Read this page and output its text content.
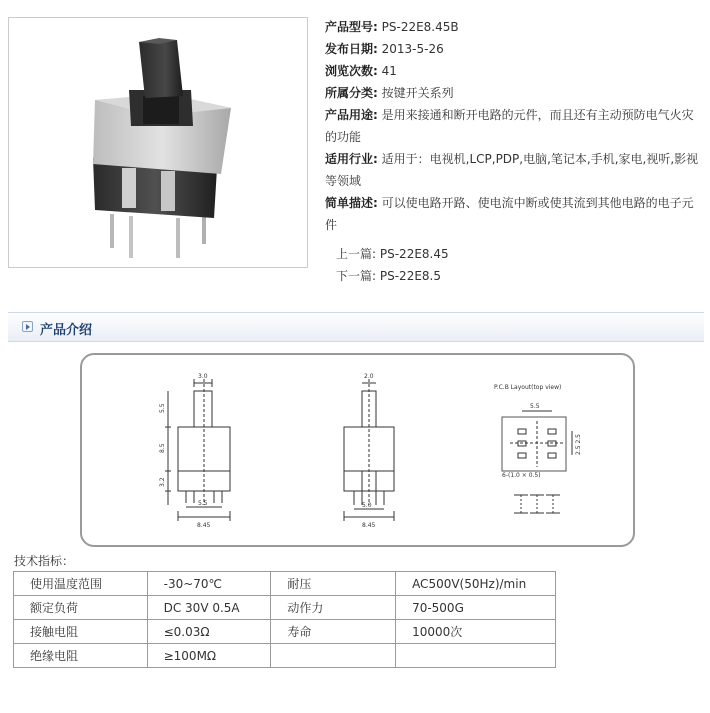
产品型号: PS-22E8.45B
发布日期: 2013-5-26
浏览次数: 41
所属分类: 按键开关系列
产品用途: 是用来接通和断开电路的元件，而且还有主动预防电气火灾的功能
适用行业: 适用于：电视机,LCP,PDP,电脑,笔记本,手机,家电,视听,影视等领域
简单描述: 可以使电路开路、使电流中断或使其流到其他电路的电子元件
上一篇: PS-22E8.45
下一篇: PS-22E8.5
产品介绍
3.0	2.0
5.5
8.5
3.2
5.5	5.0
8.45	8.45
P.C.B Layout(top view)
5.5
2.5 2.5
6-(1.0 × 0.5)
技术指标：
使用温度范围	-30~70℃	耐压	AC500V(50Hz)/min
额定负荷	DC 30V 0.5A	动作力	70-500G
接触电阻	≤0.03Ω	寿命	10000次
绝缘电阻	≥100MΩ		
